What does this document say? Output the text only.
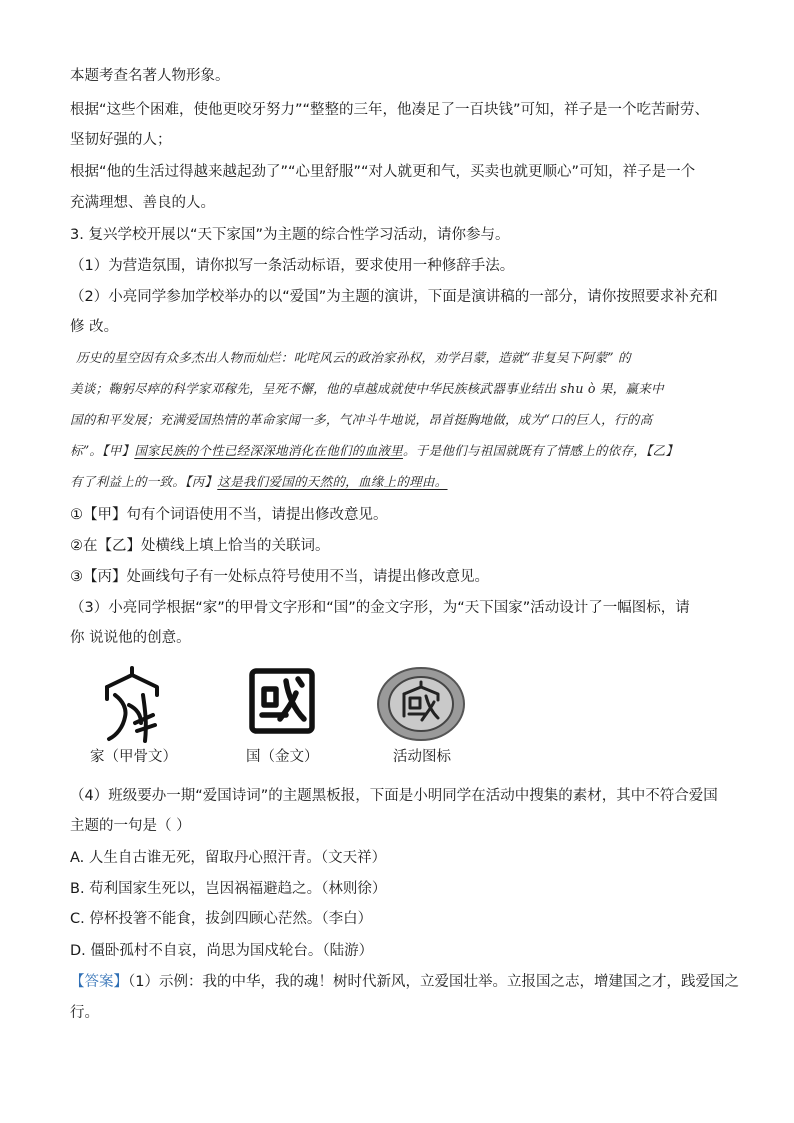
本题考查名著人物形象。
根据“这些个困难，使他更咬牙努力”“整整的三年，他凑足了一百块钱”可知，祥子是一个吃苦耐劳、
坚韧好强的人；
根据“他的生活过得越来越起劲了”“心里舒服”“对人就更和气，买卖也就更顺心”可知，祥子是一个
充满理想、善良的人。
3. 复兴学校开展以“天下家国”为主题的综合性学习活动，请你参与。
（1）为营造氛围，请你拟写一条活动标语，要求使用一种修辞手法。
（2）小亮同学参加学校举办的以“爱国”为主题的演讲，下面是演讲稿的一部分，请你按照要求补充和
修 改。
历史的星空因有众多杰出人物而灿烂：叱咤风云的政治家孙权，劝学吕蒙，造就“非复吴下阿蒙” 的
美谈；鞠躬尽瘁的科学家邓稼先，呈死不懈，他的卓越成就使中华民族核武器事业结出 shu ò 果，赢来中
国的和平发展；充满爱国热情的革命家闻一多，气冲斗牛地说，昂首挺胸地做，成为“口的巨人，行的高
标”。【甲】国家民族的个性已经深深地消化在他们的血液里。于是他们与祖国就既有了情感上的依存，【乙】
有了利益上的一致。【丙】这是我们爱国的天然的，血缘上的理由。
①【甲】句有个词语使用不当，请提出修改意见。
②在【乙】处横线上填上恰当的关联词。
③【丙】处画线句子有一处标点符号使用不当，请提出修改意见。
（3）小亮同学根据“家”的甲骨文字形和“国”的金文字形，为“天下国家”活动设计了一幅图标，请
你 说说他的创意。
家（甲骨文）	国（金文）	活动图标
（4）班级要办一期“爱国诗词”的主题黑板报，下面是小明同学在活动中搜集的素材，其中不符合爱国
主题的一句是（ ）
A. 人生自古谁无死，留取丹心照汗青。（文天祥）
B. 苟利国家生死以，岂因祸福避趋之。（林则徐）
C. 停杯投箸不能食，拔剑四顾心茫然。（李白）
D. 僵卧孤村不自哀，尚思为国戍轮台。（陆游）
【答案】（1）示例：我的中华，我的魂！树时代新风，立爱国壮举。立报国之志，增建国之才，践爱国之
行。
